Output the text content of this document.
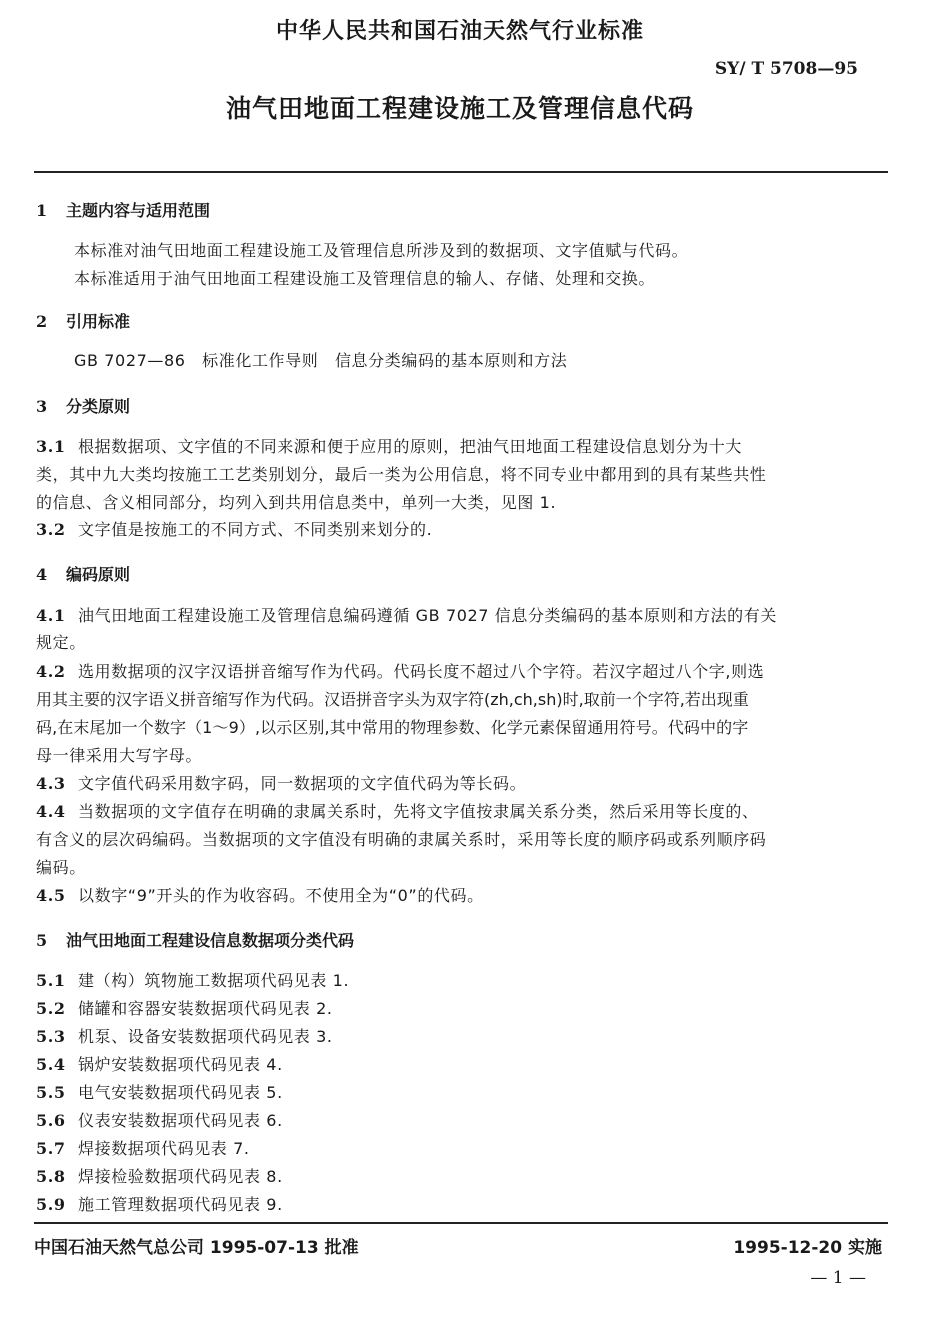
中华人民共和国石油天然气行业标准
SY/ T 5708—95
油气田地面工程建设施工及管理信息代码
1 主题内容与适用范围
本标准对油气田地面工程建设施工及管理信息所涉及到的数据项、文字值赋与代码。
本标准适用于油气田地面工程建设施工及管理信息的输人、存储、处理和交换。
2 引用标准
GB 7027—86　标准化工作导则　信息分类编码的基本原则和方法
3 分类原则
3.1 根据数据项、文字值的不同来源和便于应用的原则，把油气田地面工程建设信息划分为十大
类，其中九大类均按施工工艺类别划分，最后一类为公用信息，将不同专业中都用到的具有某些共性
的信息、含义相同部分，均列入到共用信息类中，单列一大类，见图 1.
3.2 文字值是按施工的不同方式、不同类别来划分的.
4 编码原则
4.1 油气田地面工程建设施工及管理信息编码遵循 GB 7027 信息分类编码的基本原则和方法的有关
规定。
4.2 选用数据项的汉字汉语拼音缩写作为代码。代码长度不超过八个字符。若汉字超过八个字,则选
用其主要的汉字语义拼音缩写作为代码。汉语拼音字头为双字符(zh,ch,sh)时,取前一个字符,若出现重
码,在末尾加一个数字（1～9）,以示区别,其中常用的物理参数、化学元素保留通用符号。代码中的字
母一律采用大写字母。
4.3 文字值代码采用数字码，同一数据项的文字值代码为等长码。
4.4 当数据项的文字值存在明确的隶属关系时，先将文字值按隶属关系分类，然后采用等长度的、
有含义的层次码编码。当数据项的文字值没有明确的隶属关系时，采用等长度的顺序码或系列顺序码
编码。
4.5 以数字“9”开头的作为收容码。不使用全为“0”的代码。
5 油气田地面工程建设信息数据项分类代码
5.1 建（构）筑物施工数据项代码见表 1.
5.2 储罐和容器安装数据项代码见表 2.
5.3 机泵、设备安装数据项代码见表 3.
5.4 锅炉安装数据项代码见表 4.
5.5 电气安装数据项代码见表 5.
5.6 仪表安装数据项代码见表 6.
5.7 焊接数据项代码见表 7.
5.8 焊接检验数据项代码见表 8.
5.9 施工管理数据项代码见表 9.
中国石油天然气总公司 1995-07-13 批准	1995-12-20 实施
— 1 —
